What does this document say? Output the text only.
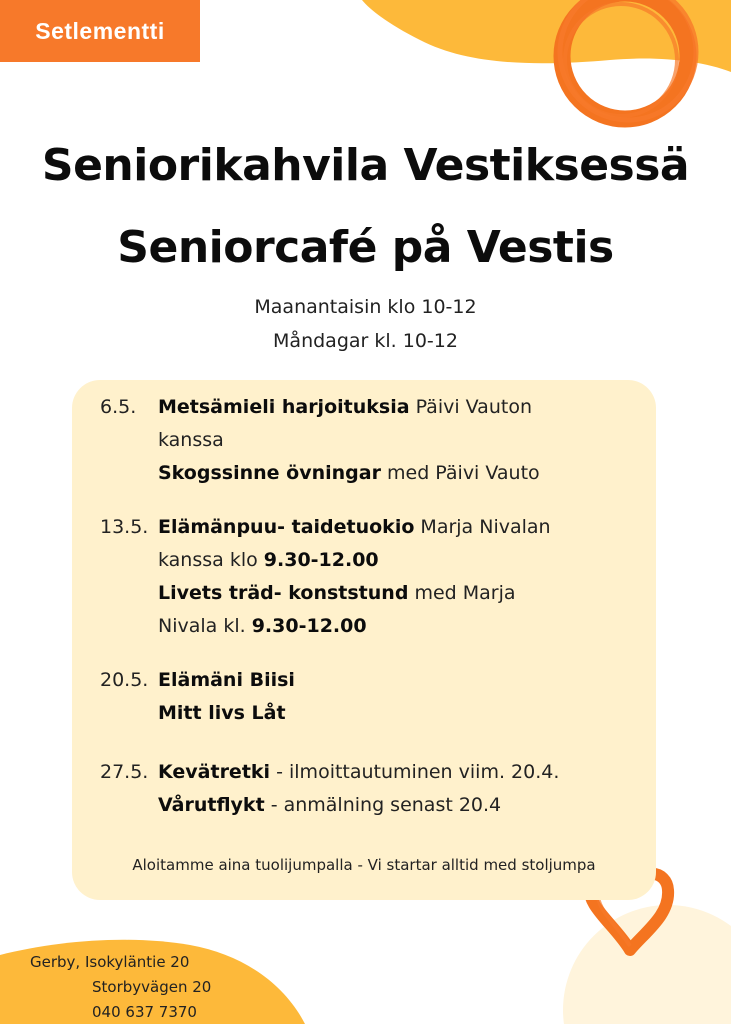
Setlementti
Seniorikahvila Vestiksessä
Seniorcafé på Vestis
Maanantaisin klo 10-12
Måndagar kl. 10-12
6.5. Metsämieli harjoituksia Päivi Vauton
kanssa
Skogssinne övningar med Päivi Vauto
13.5. Elämänpuu- taidetuokio Marja Nivalan
kanssa klo 9.30-12.00
Livets träd- konststund med Marja
Nivala kl. 9.30-12.00
20.5. Elämäni Biisi
Mitt livs Låt
27.5. Kevätretki - ilmoittautuminen viim. 20.4.
Vårutflykt - anmälning senast 20.4
Aloitamme aina tuolijumpalla - Vi startar alltid med stoljumpa
Gerby, Isokyläntie 20
Storbyvägen 20
040 637 7370
